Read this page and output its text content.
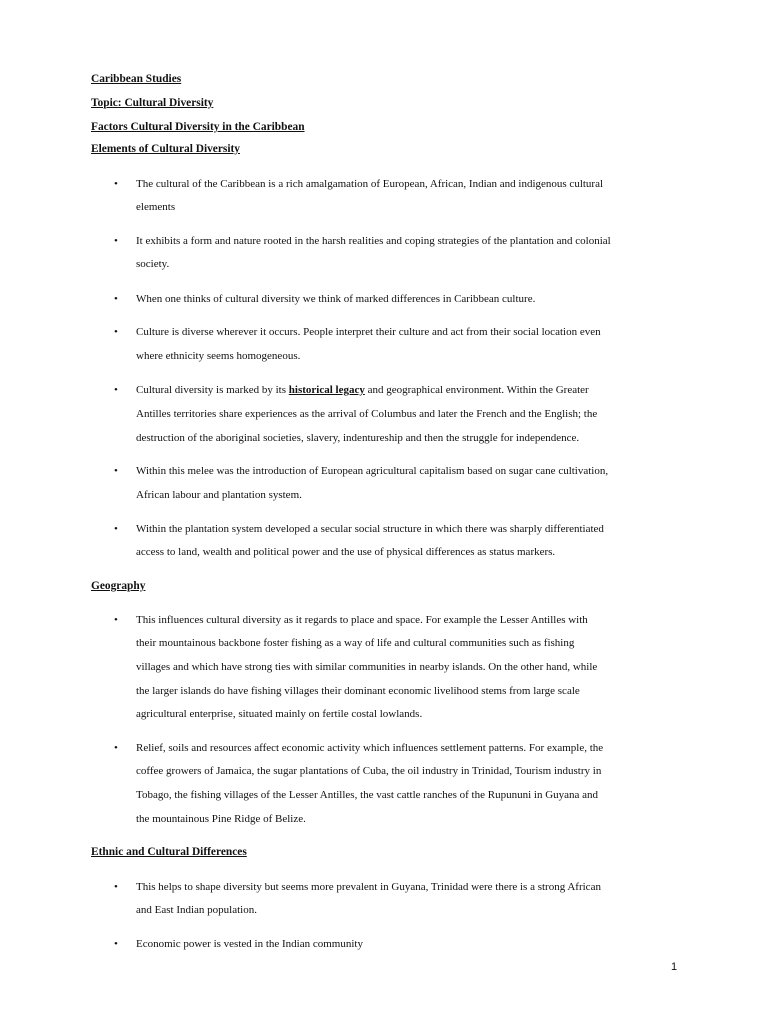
Caribbean Studies
Topic: Cultural Diversity
Factors Cultural Diversity in the Caribbean
Elements of Cultural Diversity
• The cultural of the Caribbean is a rich amalgamation of European, African, Indian and indigenous cultural
elements
• It exhibits a form and nature rooted in the harsh realities and coping strategies of the plantation and colonial
society.
• When one thinks of cultural diversity we think of marked differences in Caribbean culture.
• Culture is diverse wherever it occurs. People interpret their culture and act from their social location even
where ethnicity seems homogeneous.
• Cultural diversity is marked by its historical legacy and geographical environment. Within the Greater
Antilles territories share experiences as the arrival of Columbus and later the French and the English; the
destruction of the aboriginal societies, slavery, indentureship and then the struggle for independence.
• Within this melee was the introduction of European agricultural capitalism based on sugar cane cultivation,
African labour and plantation system.
• Within the plantation system developed a secular social structure in which there was sharply differentiated
access to land, wealth and political power and the use of physical differences as status markers.
Geography
• This influences cultural diversity as it regards to place and space. For example the Lesser Antilles with
their mountainous backbone foster fishing as a way of life and cultural communities such as fishing
villages and which have strong ties with similar communities in nearby islands. On the other hand, while
the larger islands do have fishing villages their dominant economic livelihood stems from large scale
agricultural enterprise, situated mainly on fertile costal lowlands.
• Relief, soils and resources affect economic activity which influences settlement patterns. For example, the
coffee growers of Jamaica, the sugar plantations of Cuba, the oil industry in Trinidad, Tourism industry in
Tobago, the fishing villages of the Lesser Antilles, the vast cattle ranches of the Rupununi in Guyana and
the mountainous Pine Ridge of Belize.
Ethnic and Cultural Differences
• This helps to shape diversity but seems more prevalent in Guyana, Trinidad were there is a strong African
and East Indian population.
• Economic power is vested in the Indian community
1
